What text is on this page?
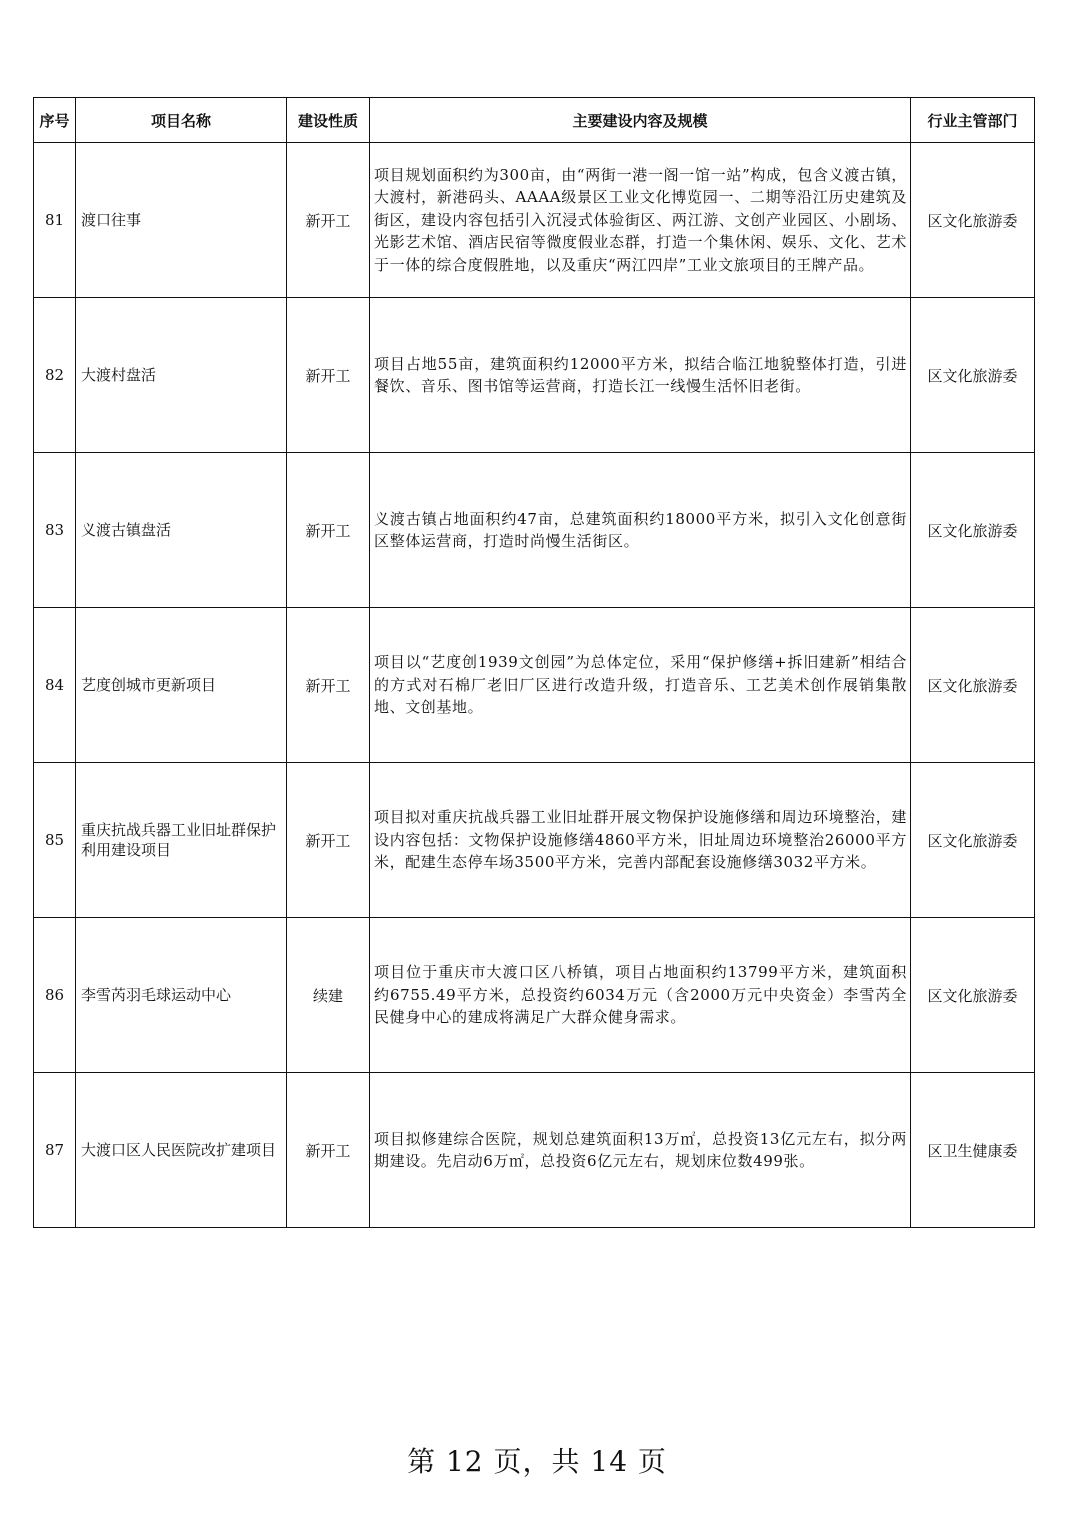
序号	项目名称	建设性质	主要建设内容及规模	行业主管部门
81	渡口往事	新开工	项目规划面积约为300亩，由“两街一港一阁一馆一站”构成，包含义渡古镇，大渡村，新港码头、AAAA级景区工业文化博览园一、二期等沿江历史建筑及街区，建设内容包括引入沉浸式体验街区、两江游、文创产业园区、小剧场、光影艺术馆、酒店民宿等微度假业态群，打造一个集休闲、娱乐、文化、艺术于一体的综合度假胜地，以及重庆“两江四岸”工业文旅项目的王牌产品。	区文化旅游委
82	大渡村盘活	新开工	项目占地55亩，建筑面积约12000平方米，拟结合临江地貌整体打造，引进餐饮、音乐、图书馆等运营商，打造长江一线慢生活怀旧老街。	区文化旅游委
83	义渡古镇盘活	新开工	义渡古镇占地面积约47亩，总建筑面积约18000平方米，拟引入文化创意街区整体运营商，打造时尚慢生活街区。	区文化旅游委
84	艺度创城市更新项目	新开工	项目以“艺度创1939文创园”为总体定位，采用“保护修缮+拆旧建新”相结合的方式对石棉厂老旧厂区进行改造升级，打造音乐、工艺美术创作展销集散地、文创基地。	区文化旅游委
85	重庆抗战兵器工业旧址群保护利用建设项目	新开工	项目拟对重庆抗战兵器工业旧址群开展文物保护设施修缮和周边环境整治，建设内容包括：文物保护设施修缮4860平方米，旧址周边环境整治26000平方米，配建生态停车场3500平方米，完善内部配套设施修缮3032平方米。	区文化旅游委
86	李雪芮羽毛球运动中心	续建	项目位于重庆市大渡口区八桥镇，项目占地面积约13799平方米，建筑面积约6755.49平方米，总投资约6034万元（含2000万元中央资金）李雪芮全民健身中心的建成将满足广大群众健身需求。	区文化旅游委
87	大渡口区人民医院改扩建项目	新开工	项目拟修建综合医院，规划总建筑面积13万㎡，总投资13亿元左右，拟分两期建设。先启动6万㎡，总投资6亿元左右，规划床位数499张。	区卫生健康委
第 12 页，共 14 页
